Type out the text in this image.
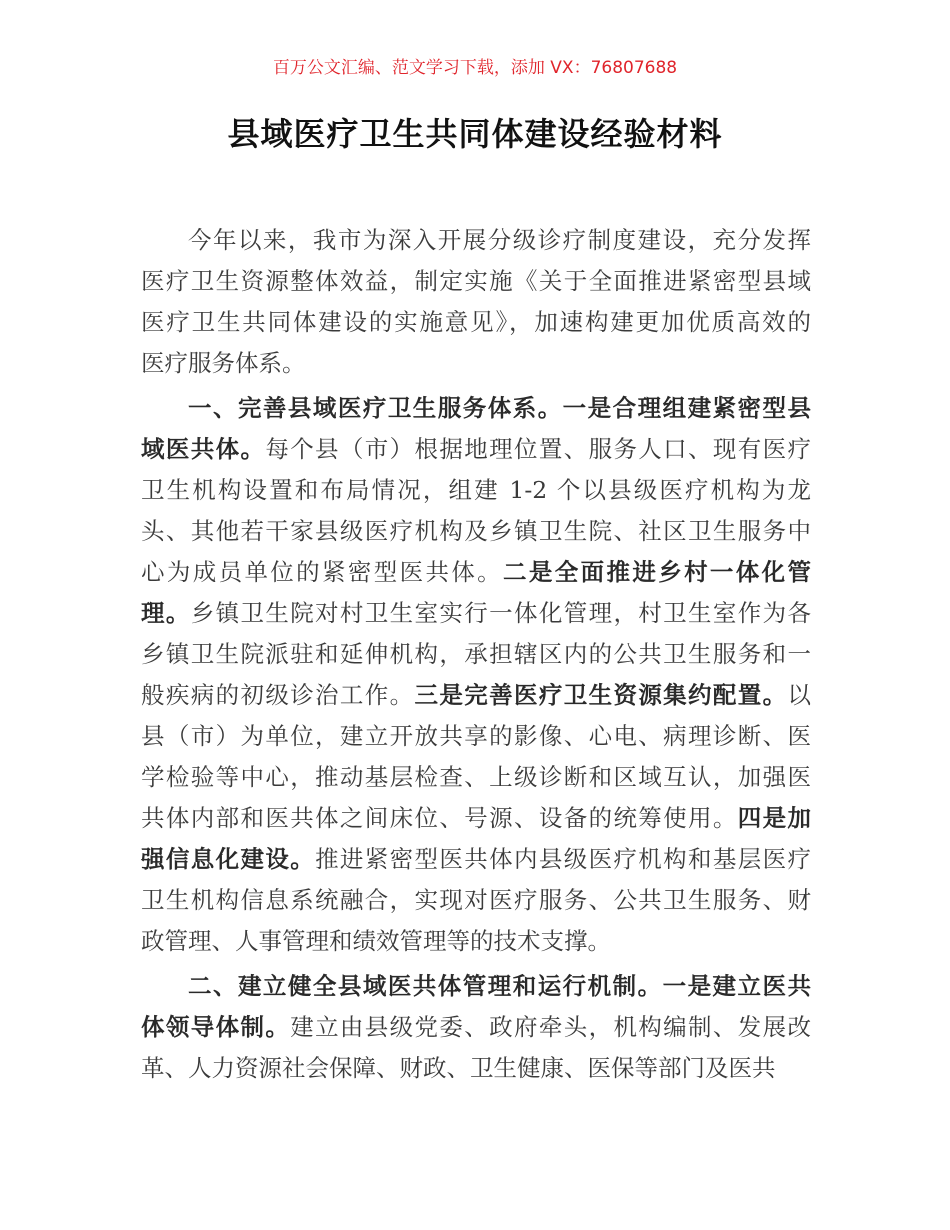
百万公文汇编、范文学习下载，添加 VX：76807688
县域医疗卫生共同体建设经验材料
今年以来，我市为深入开展分级诊疗制度建设，充分发挥
医疗卫生资源整体效益，制定实施《关于全面推进紧密型县域
医疗卫生共同体建设的实施意见》，加速构建更加优质高效的
医疗服务体系。
一、完善县域医疗卫生服务体系。一是合理组建紧密型县
域医共体。每个县（市）根据地理位置、服务人口、现有医疗
卫生机构设置和布局情况，组建 1-2 个以县级医疗机构为龙
头、其他若干家县级医疗机构及乡镇卫生院、社区卫生服务中
心为成员单位的紧密型医共体。二是全面推进乡村一体化管
理。乡镇卫生院对村卫生室实行一体化管理，村卫生室作为各
乡镇卫生院派驻和延伸机构，承担辖区内的公共卫生服务和一
般疾病的初级诊治工作。三是完善医疗卫生资源集约配置。以
县（市）为单位，建立开放共享的影像、心电、病理诊断、医
学检验等中心，推动基层检查、上级诊断和区域互认，加强医
共体内部和医共体之间床位、号源、设备的统筹使用。四是加
强信息化建设。推进紧密型医共体内县级医疗机构和基层医疗
卫生机构信息系统融合，实现对医疗服务、公共卫生服务、财
政管理、人事管理和绩效管理等的技术支撑。
二、建立健全县域医共体管理和运行机制。一是建立医共
体领导体制。建立由县级党委、政府牵头，机构编制、发展改
革、人力资源社会保障、财政、卫生健康、医保等部门及医共
